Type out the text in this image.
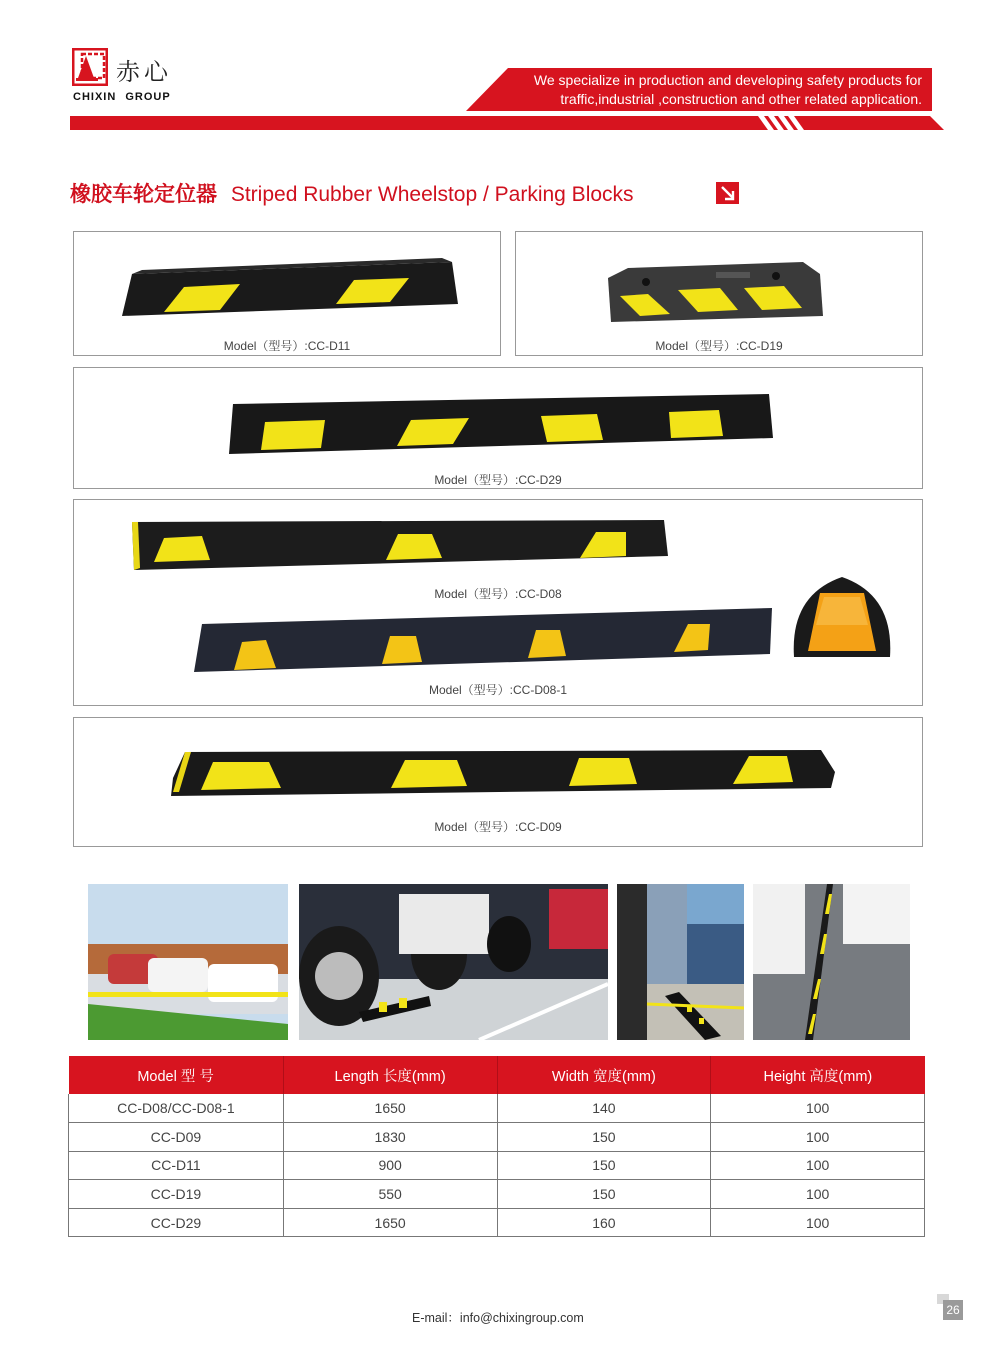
赤心
CHIXIN GROUP
We specialize in production and developing safety products for
traffic,industrial ,construction and other related application.
橡胶车轮定位器 Striped Rubber Wheelstop / Parking Blocks
Model（型号）:CC-D11	Model（型号）:CC-D19
Model（型号）:CC-D29
Model（型号）:CC-D08
Model（型号）:CC-D08-1
Model（型号）:CC-D09
Model 型 号	Length 长度(mm)	Width 宽度(mm)	Height 高度(mm)
CC-D08/CC-D08-1	1650	140	100
CC-D09	1830	150	100
CC-D11	900	150	100
CC-D19	550	150	100
CC-D29	1650	160	100
E-mail：info@chixingroup.com
26
